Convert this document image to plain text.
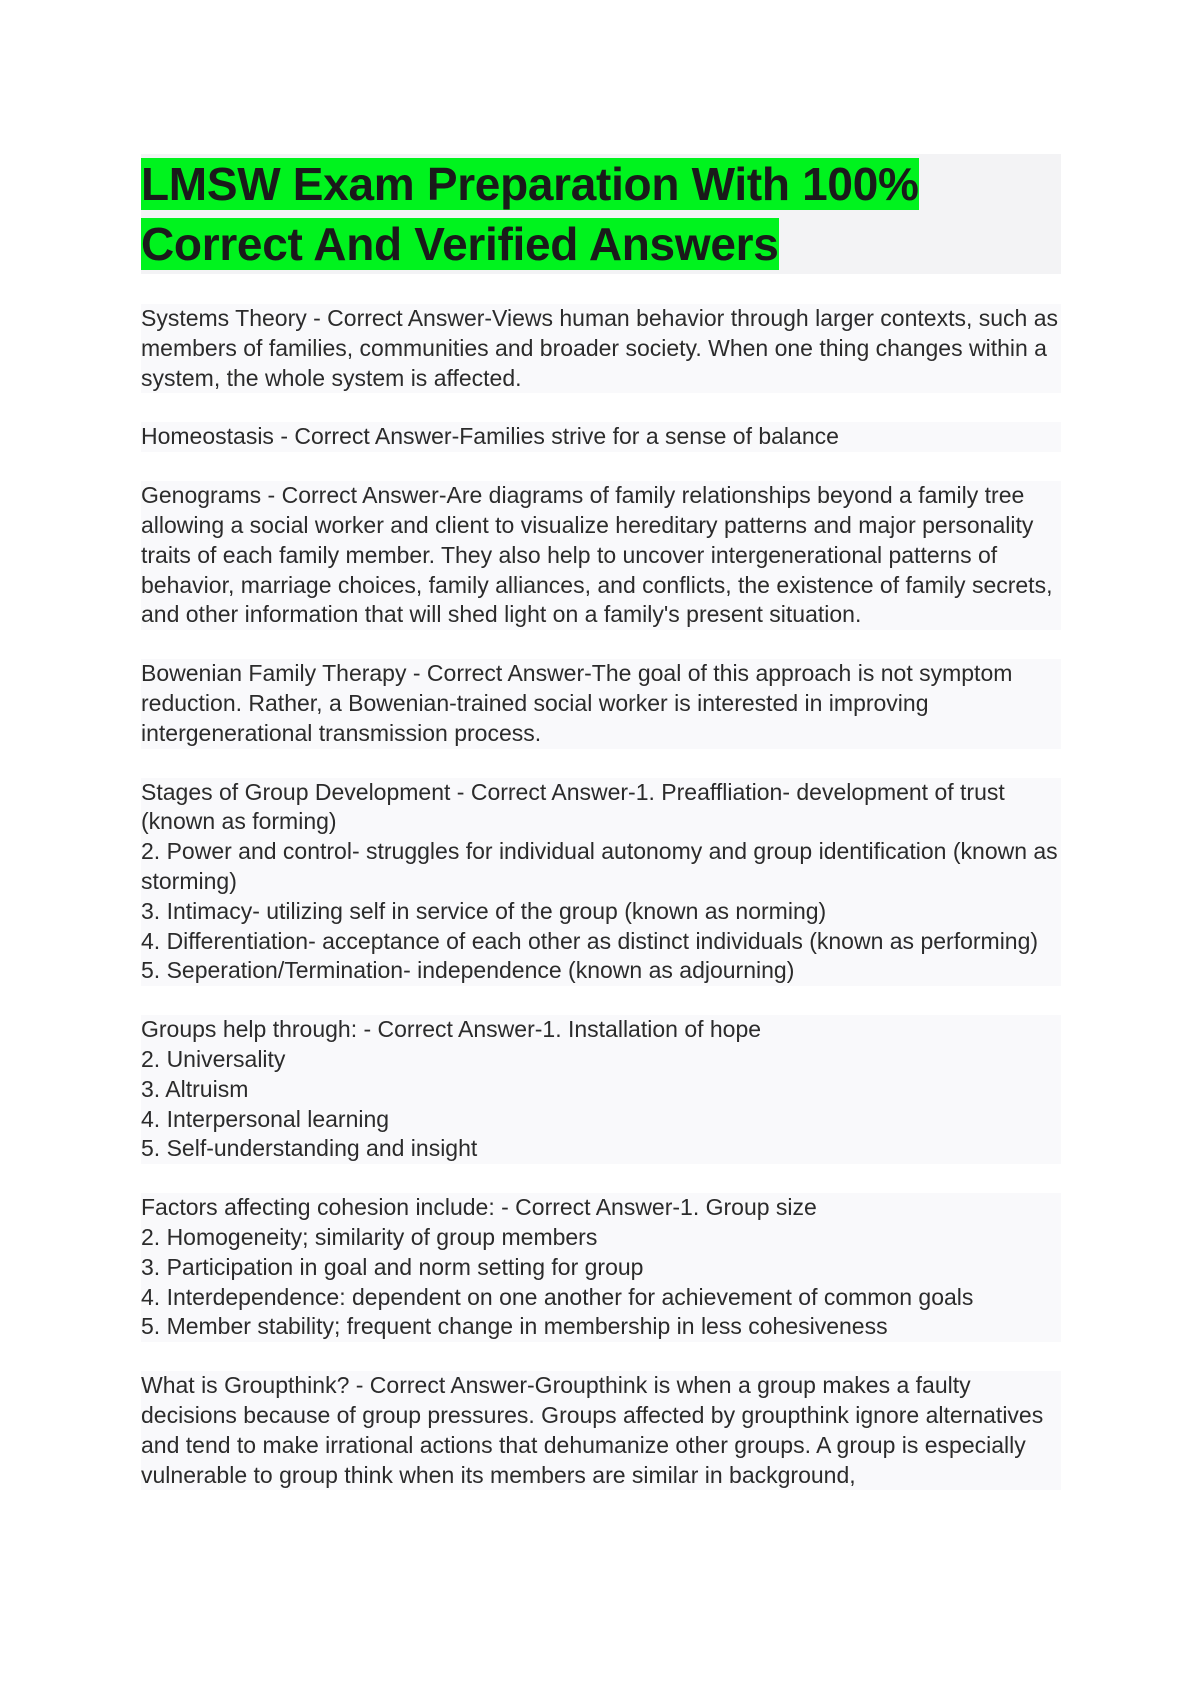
LMSW Exam Preparation With 100%
Correct And Verified Answers

Systems Theory - Correct Answer-Views human behavior through larger contexts, such as members of families, communities and broader society. When one thing changes within a system, the whole system is affected.

Homeostasis - Correct Answer-Families strive for a sense of balance

Genograms - Correct Answer-Are diagrams of family relationships beyond a family tree allowing a social worker and client to visualize hereditary patterns and major personality traits of each family member. They also help to uncover intergenerational patterns of behavior, marriage choices, family alliances, and conflicts, the existence of family secrets, and other information that will shed light on a family's present situation.

Bowenian Family Therapy - Correct Answer-The goal of this approach is not symptom reduction. Rather, a Bowenian-trained social worker is interested in improving intergenerational transmission process.

Stages of Group Development - Correct Answer-1. Preaffliation- development of trust (known as forming)

2. Power and control- struggles for individual autonomy and group identification (known as storming)

3. Intimacy- utilizing self in service of the group (known as norming)

4. Differentiation- acceptance of each other as distinct individuals (known as performing)

5. Seperation/Termination- independence (known as adjourning)

Groups help through: - Correct Answer-1. Installation of hope

2. Universality

3. Altruism

4. Interpersonal learning

5. Self-understanding and insight

Factors affecting cohesion include: - Correct Answer-1. Group size

2. Homogeneity; similarity of group members

3. Participation in goal and norm setting for group

4. Interdependence: dependent on one another for achievement of common goals

5. Member stability; frequent change in membership in less cohesiveness

What is Groupthink? - Correct Answer-Groupthink is when a group makes a faulty decisions because of group pressures. Groups affected by groupthink ignore alternatives and tend to make irrational actions that dehumanize other groups. A group is especially vulnerable to group think when its members are similar in background,
